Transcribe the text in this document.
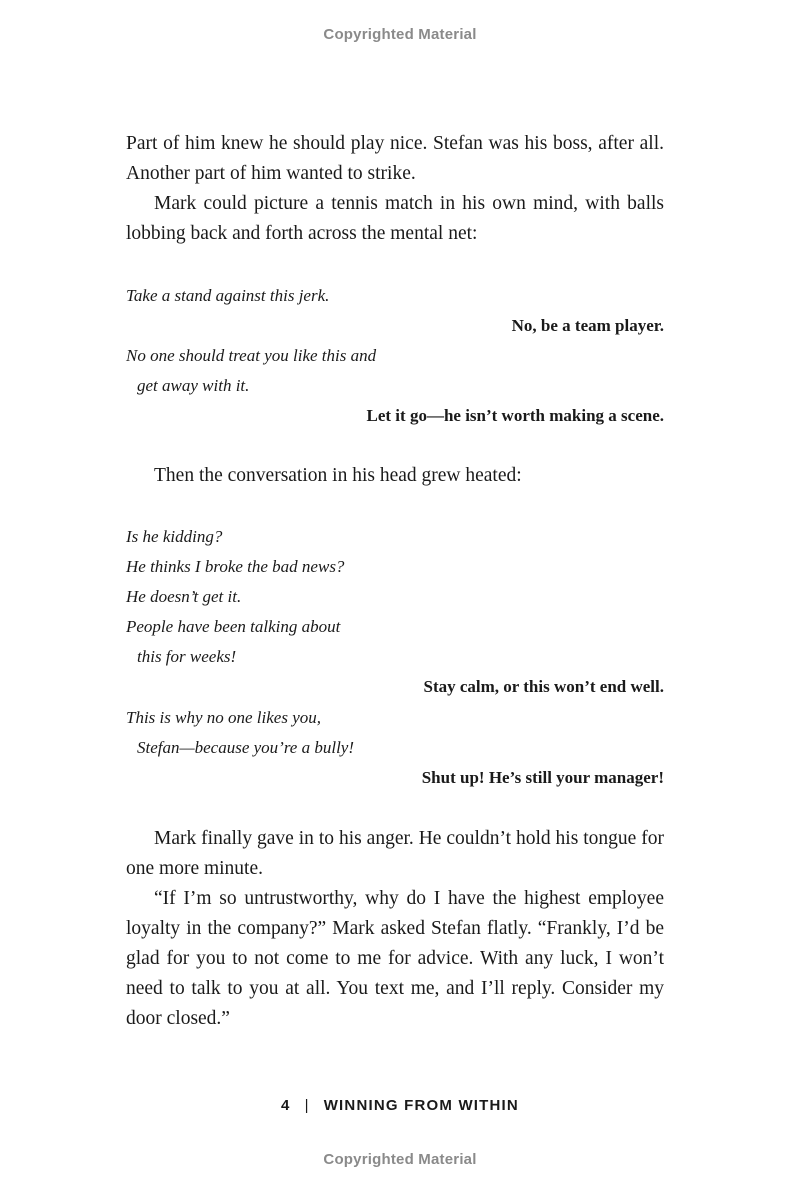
Copyrighted Material

Part of him knew he should play nice. Stefan was his boss, after all. Another part of him wanted to strike.

Mark could picture a tennis match in his own mind, with balls lobbing back and forth across the mental net:

Take a stand against this jerk.
No, be a team player.
No one should treat you like this and
get away with it.
Let it go—he isn’t worth making a scene.

Then the conversation in his head grew heated:

Is he kidding?
He thinks I broke the bad news?
He doesn’t get it.
People have been talking about
this for weeks!
Stay calm, or this won’t end well.
This is why no one likes you,
Stefan—because you’re a bully!
Shut up! He’s still your manager!

Mark finally gave in to his anger. He couldn’t hold his tongue for one more minute.

“If I’m so untrustworthy, why do I have the highest employee loyalty in the company?” Mark asked Stefan flatly. “Frankly, I’d be glad for you to not come to me for advice. With any luck, I won’t need to talk to you at all. You text me, and I’ll reply. Consider my door closed.”

4 | WINNING FROM WITHIN
Copyrighted Material
